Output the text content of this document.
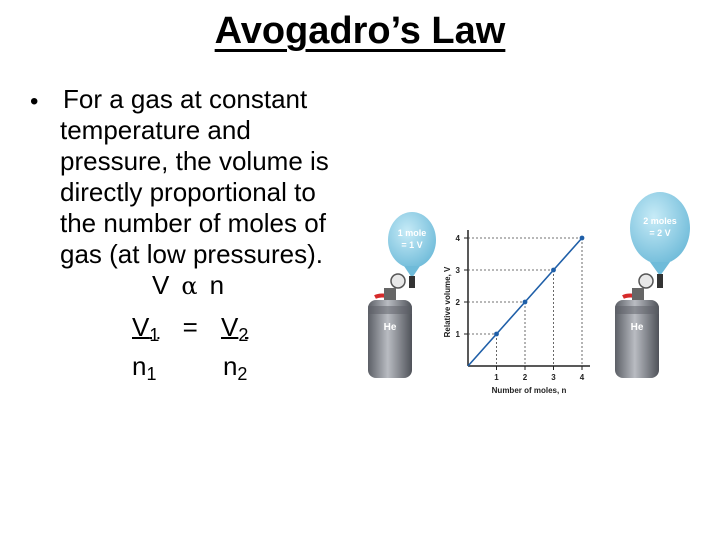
Avogadro’s Law
• For a gas at constant
temperature and
pressure, the volume is
directly proportional to
the number of moles of
gas (at low pressures).
V α n
$V_1 = V_2$
$n_1$	$n_2$
1 mole
= 1 V
He
2 moles
= 2 V
He
1	2	3	4
1
2
3
4
Number of moles, n
Relative volume, V
